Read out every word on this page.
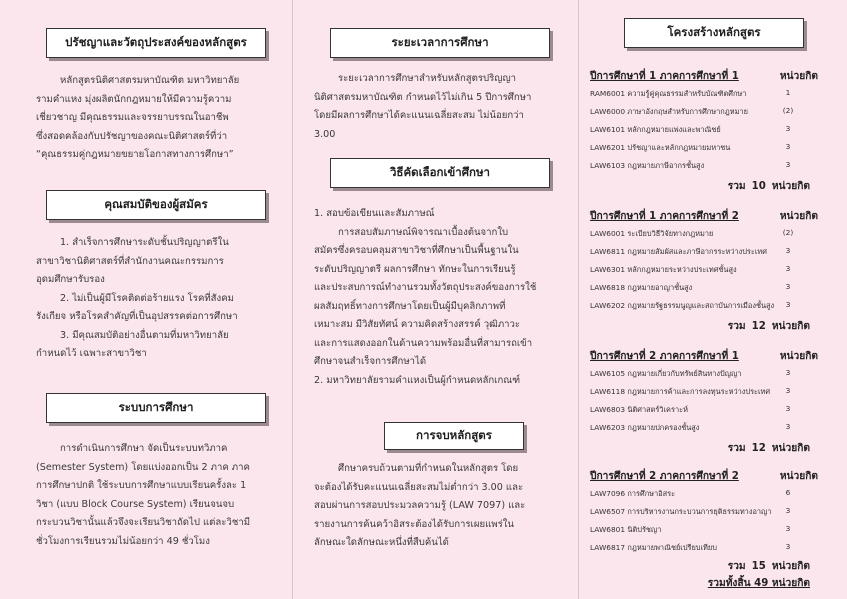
ปรัชญาและวัตถุประสงค์ของหลักสูตร
หลักสูตรนิติศาสตรมหาบัณฑิต มหาวิทยาลัย
รามคำแหง มุ่งผลิตนักกฎหมายให้มีความรู้ความ
เชี่ยวชาญ มีคุณธรรมและจรรยาบรรณในอาชีพ
ซึ่งสอดคล้องกับปรัชญาของคณะนิติศาสตร์ที่ว่า
“คุณธรรมคู่กฎหมายขยายโอกาสทางการศึกษา”
คุณสมบัติของผู้สมัคร
1. สำเร็จการศึกษาระดับชั้นปริญญาตรีใน
สาขาวิชานิติศาสตร์ที่สำนักงานคณะกรรมการ
อุดมศึกษารับรอง
2. ไม่เป็นผู้มีโรคติดต่อร้ายแรง โรคที่สังคม
รังเกียจ หรือโรคสำคัญที่เป็นอุปสรรคต่อการศึกษา
3. มีคุณสมบัติอย่างอื่นตามที่มหาวิทยาลัย
กำหนดไว้ เฉพาะสาขาวิชา
ระบบการศึกษา
การดำเนินการศึกษา จัดเป็นระบบทวิภาค
(Semester System) โดยแบ่งออกเป็น 2 ภาค ภาค
การศึกษาปกติ ใช้ระบบการศึกษาแบบเรียนครั้งละ 1
วิชา (แบบ Block Course System) เรียนจนจบ
กระบวนวิชานั้นแล้วจึงจะเรียนวิชาถัดไป แต่ละวิชามี
ชั่วโมงการเรียนรวมไม่น้อยกว่า 49 ชั่วโมง
ระยะเวลาการศึกษา
ระยะเวลาการศึกษาสำหรับหลักสูตรปริญญา
นิติศาสตรมหาบัณฑิต กำหนดไว้ไม่เกิน 5 ปีการศึกษา
โดยมีผลการศึกษาได้คะแนนเฉลี่ยสะสม ไม่น้อยกว่า
3.00
วิธีคัดเลือกเข้าศึกษา
1. สอบข้อเขียนและสัมภาษณ์
การสอบสัมภาษณ์พิจารณาเบื้องต้นจากใบ
สมัครซึ่งครอบคลุมสาขาวิชาที่ศึกษาเป็นพื้นฐานใน
ระดับปริญญาตรี ผลการศึกษา ทักษะในการเรียนรู้
และประสบการณ์ทำงานรวมทั้งวัตถุประสงค์ของการใช้
ผลสัมฤทธิ์ทางการศึกษาโดยเป็นผู้มีบุคลิกภาพที่
เหมาะสม มีวิสัยทัศน์ ความคิดสร้างสรรค์ วุฒิภาวะ
และการแสดงออกในด้านความพร้อมอื่นที่สามารถเข้า
ศึกษาจนสำเร็จการศึกษาได้
2. มหาวิทยาลัยรามคำแหงเป็นผู้กำหนดหลักเกณฑ์
การจบหลักสูตร
ศึกษาครบถ้วนตามที่กำหนดในหลักสูตร โดย
จะต้องได้รับคะแนนเฉลี่ยสะสมไม่ต่ำกว่า 3.00 และ
สอบผ่านการสอบประมวลความรู้ (LAW 7097) และ
รายงานการค้นคว้าอิสระต้องได้รับการเผยแพร่ใน
ลักษณะใดลักษณะหนึ่งที่สืบค้นได้
โครงสร้างหลักสูตร
ปีการศึกษาที่ 1 ภาคการศึกษาที่ 1	หน่วยกิต
RAM6001 ความรู้คู่คุณธรรมสำหรับบัณฑิตศึกษา	1
LAW6000 ภาษาอังกฤษสำหรับการศึกษากฎหมาย	(2)
LAW6101 หลักกฎหมายแพ่งและพาณิชย์	3
LAW6201 ปรัชญาและหลักกฎหมายมหาชน	3
LAW6103 กฎหมายภาษีอากรชั้นสูง	3
รวม 10 หน่วยกิต
ปีการศึกษาที่ 1 ภาคการศึกษาที่ 2	หน่วยกิต
LAW6001 ระเบียบวิธีวิจัยทางกฎหมาย	(2)
LAW6811 กฎหมายสัมผัสและภาษีอากรระหว่างประเทศ	3
LAW6301 หลักกฎหมายระหว่างประเทศชั้นสูง	3
LAW6818 กฎหมายอาญาชั้นสูง	3
LAW6202 กฎหมายรัฐธรรมนูญและสถาบันการเมืองชั้นสูง	3
รวม 12 หน่วยกิต
ปีการศึกษาที่ 2 ภาคการศึกษาที่ 1	หน่วยกิต
LAW6105 กฎหมายเกี่ยวกับทรัพย์สินทางปัญญา	3
LAW6118 กฎหมายการค้าและการลงทุนระหว่างประเทศ	3
LAW6803 นิติศาสตร์วิเคราะห์	3
LAW6203 กฎหมายปกครองชั้นสูง	3
รวม 12 หน่วยกิต
ปีการศึกษาที่ 2 ภาคการศึกษาที่ 2	หน่วยกิต
LAW7096 การศึกษาอิสระ	6
LAW6507 การบริหารงานกระบวนการยุติธรรมทางอาญา	3
LAW6801 นิติปรัชญา	3
LAW6817 กฎหมายพาณิชย์เปรียบเทียบ	3
รวม 15 หน่วยกิต
รวมทั้งสิ้น 49 หน่วยกิต
